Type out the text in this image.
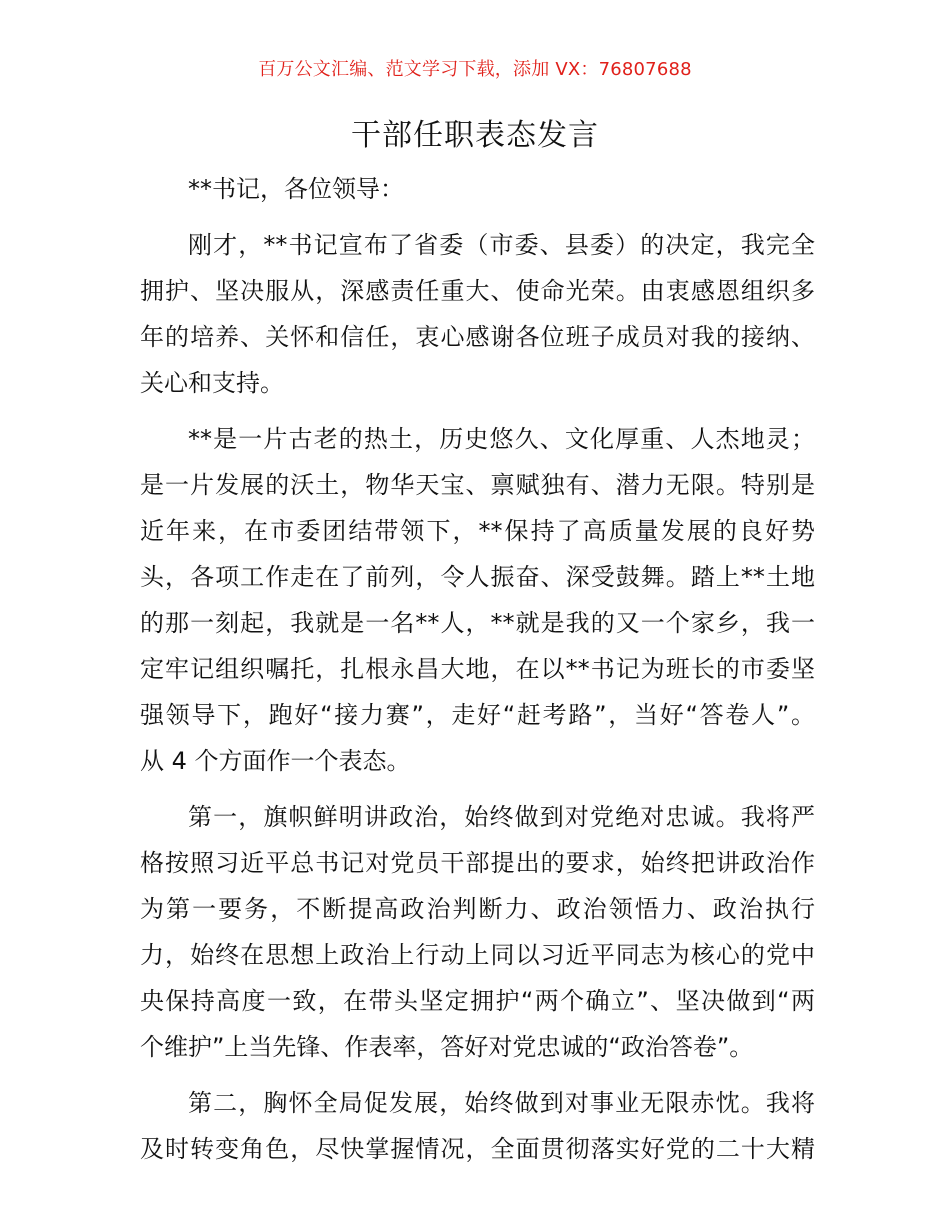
百万公文汇编、范文学习下载，添加 VX：76807688
干部任职表态发言
**书记，各位领导：
刚才，**书记宣布了省委（市委、县委）的决定，我完全
拥护、坚决服从，深感责任重大、使命光荣。由衷感恩组织多
年的培养、关怀和信任，衷心感谢各位班子成员对我的接纳、
关心和支持。
**是一片古老的热土，历史悠久、文化厚重、人杰地灵；
是一片发展的沃土，物华天宝、禀赋独有、潜力无限。特别是
近年来，在市委团结带领下，**保持了高质量发展的良好势
头，各项工作走在了前列，令人振奋、深受鼓舞。踏上**土地
的那一刻起，我就是一名**人，**就是我的又一个家乡，我一
定牢记组织嘱托，扎根永昌大地，在以**书记为班长的市委坚
强领导下，跑好“接力赛”，走好“赶考路”，当好“答卷人”。
从 4 个方面作一个表态。
第一，旗帜鲜明讲政治，始终做到对党绝对忠诚。我将严
格按照习近平总书记对党员干部提出的要求，始终把讲政治作
为第一要务，不断提高政治判断力、政治领悟力、政治执行
力，始终在思想上政治上行动上同以习近平同志为核心的党中
央保持高度一致，在带头坚定拥护“两个确立”、坚决做到“两
个维护”上当先锋、作表率，答好对党忠诚的“政治答卷”。
第二，胸怀全局促发展，始终做到对事业无限赤忱。我将
及时转变角色，尽快掌握情况，全面贯彻落实好党的二十大精
